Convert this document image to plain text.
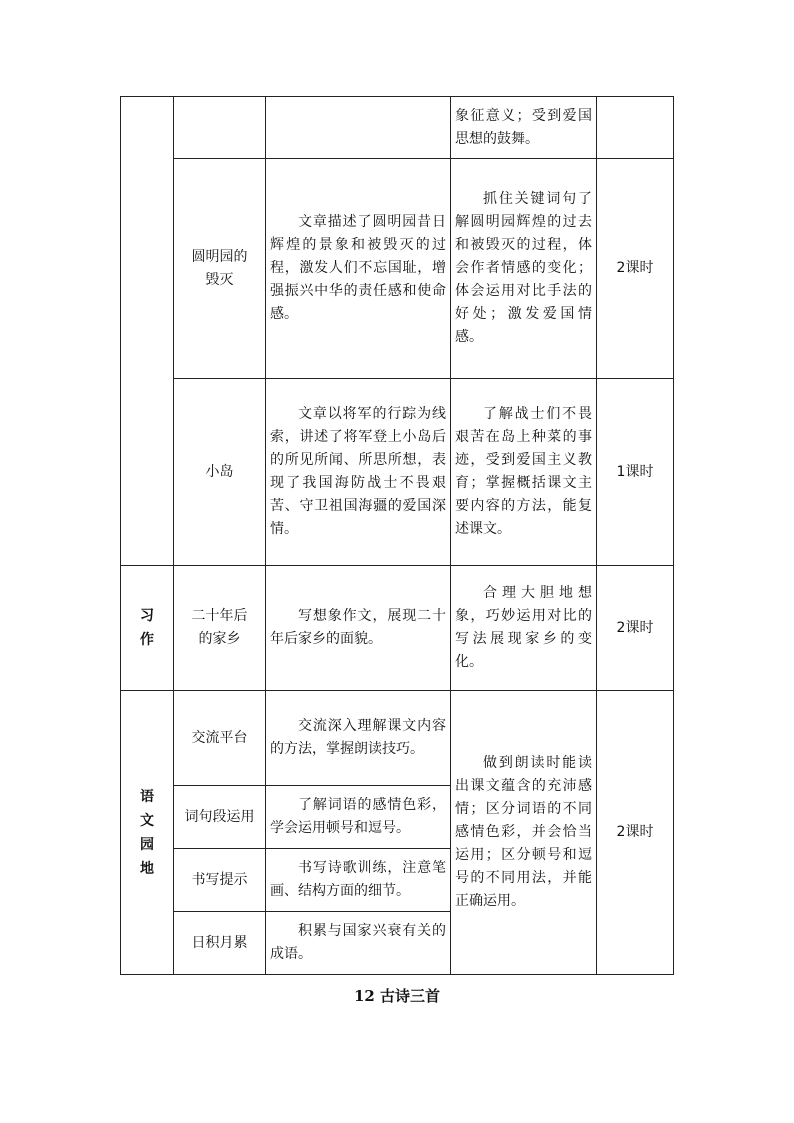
			象征意义；受到爱国思想的鼓舞。	
	圆明园的毁灭	文章描述了圆明园昔日辉煌的景象和被毁灭的过程，激发人们不忘国耻，增强振兴中华的责任感和使命感。	抓住关键词句了解圆明园辉煌的过去和被毁灭的过程，体会作者情感的变化；体会运用对比手法的好处；激发爱国情感。	2课时
	小岛	文章以将军的行踪为线索，讲述了将军登上小岛后的所见所闻、所思所想，表现了我国海防战士不畏艰苦、守卫祖国海疆的爱国深情。	了解战士们不畏艰苦在岛上种菜的事迹，受到爱国主义教育；掌握概括课文主要内容的方法，能复述课文。	1课时
习作	二十年后的家乡	写想象作文，展现二十年后家乡的面貌。	合理大胆地想象，巧妙运用对比的写法展现家乡的变化。	2课时
语文园地	交流平台	交流深入理解课文内容的方法，掌握朗读技巧。	做到朗读时能读出课文蕴含的充沛感情；区分词语的不同感情色彩，并会恰当运用；区分顿号和逗号的不同用法，并能正确运用。	2课时
	词句段运用	了解词语的感情色彩，学会运用顿号和逗号。		

	书写提示	书写诗歌训练，注意笔画、结构方面的细节。		

	日积月累	积累与国家兴衰有关的成语。		
12 古诗三首
